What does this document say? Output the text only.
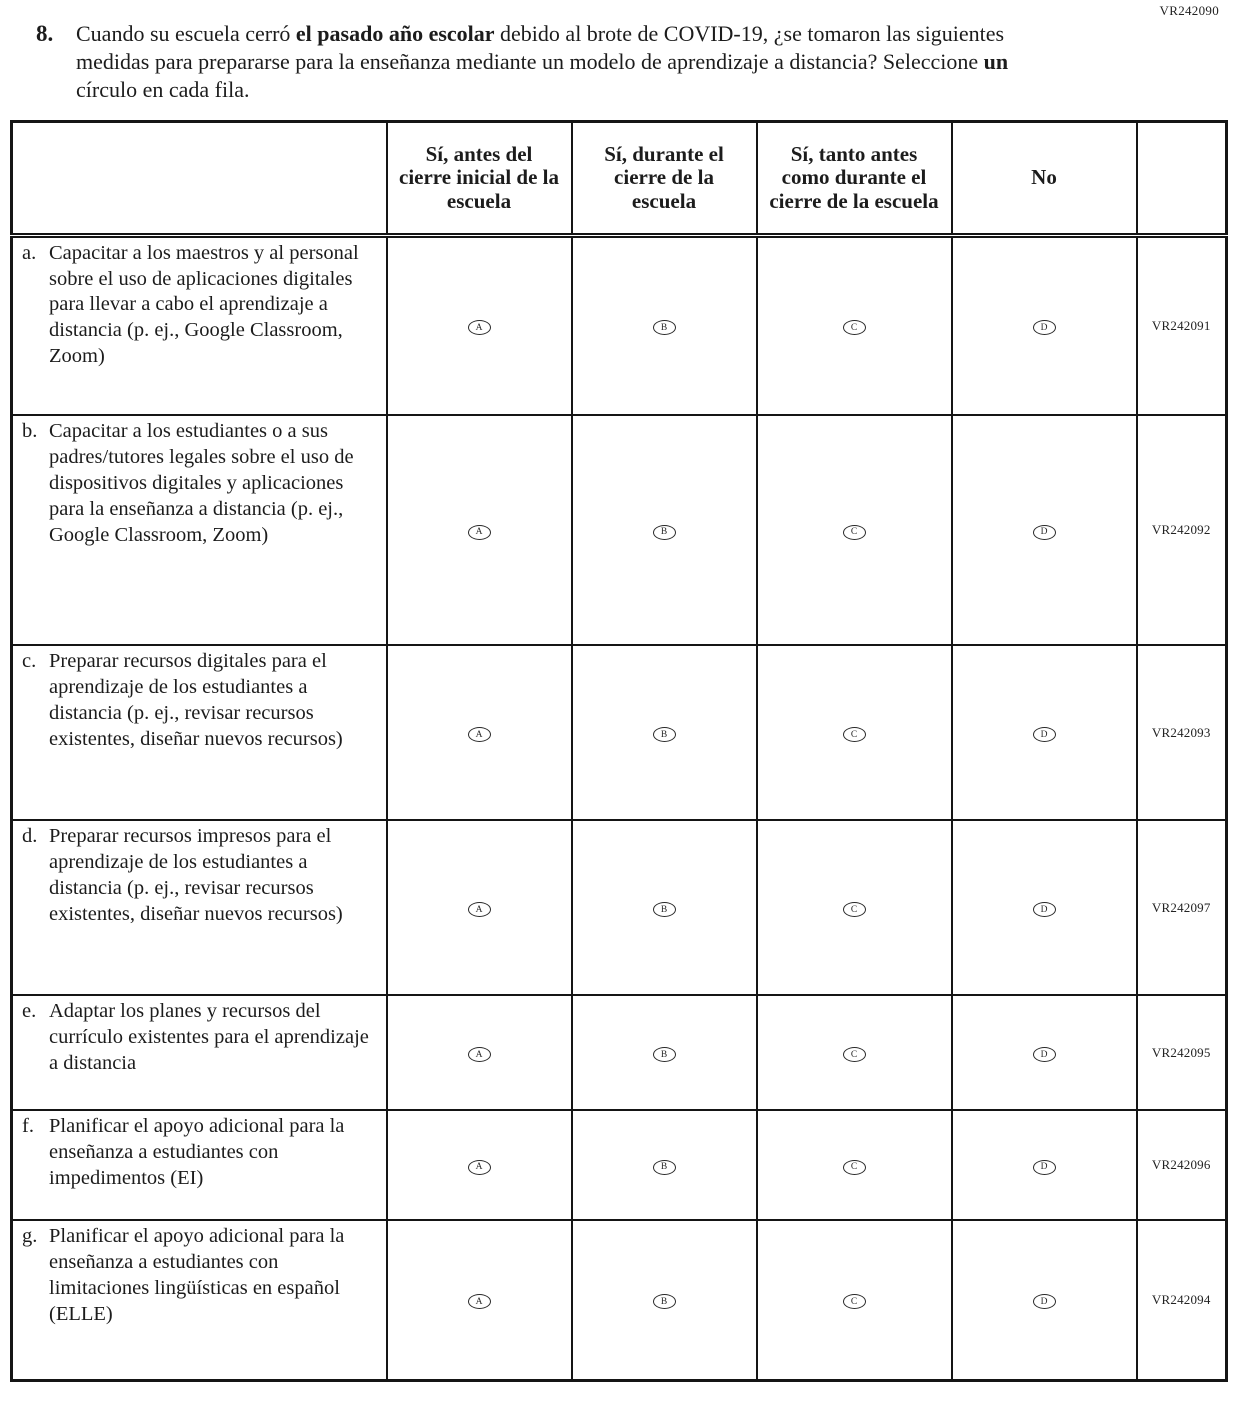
VR242090
8.	Cuando su escuela cerró el pasado año escolar debido al brote de COVID-19, ¿se tomaron las siguientes medidas para prepararse para la enseñanza mediante un modelo de aprendizaje a distancia? Seleccione un círculo en cada fila.
	Sí, antes del cierre inicial de la escuela	Sí, durante el cierre de la escuela	Sí, tanto antes como durante el cierre de la escuela	No	

a. Capacitar a los maestros y al personal sobre el uso de aplicaciones digitales para llevar a cabo el aprendizaje a distancia (p. ej., Google Classroom, Zoom)	A	B	C	D	VR242091

b. Capacitar a los estudiantes o a sus padres/tutores legales sobre el uso de dispositivos digitales y aplicaciones para la enseñanza a distancia (p. ej., Google Classroom, Zoom)	A	B	C	D	VR242092

c. Preparar recursos digitales para el aprendizaje de los estudiantes a distancia (p. ej., revisar recursos existentes, diseñar nuevos recursos)	A	B	C	D	VR242093

d. Preparar recursos impresos para el aprendizaje de los estudiantes a distancia (p. ej., revisar recursos existentes, diseñar nuevos recursos)	A	B	C	D	VR242097

e. Adaptar los planes y recursos del currículo existentes para el aprendizaje a distancia	A	B	C	D	VR242095

f. Planificar el apoyo adicional para la enseñanza a estudiantes con impedimentos (EI)	A	B	C	D	VR242096

g. Planificar el apoyo adicional para la enseñanza a estudiantes con limitaciones lingüísticas en español (ELLE)	A	B	C	D	VR242094
